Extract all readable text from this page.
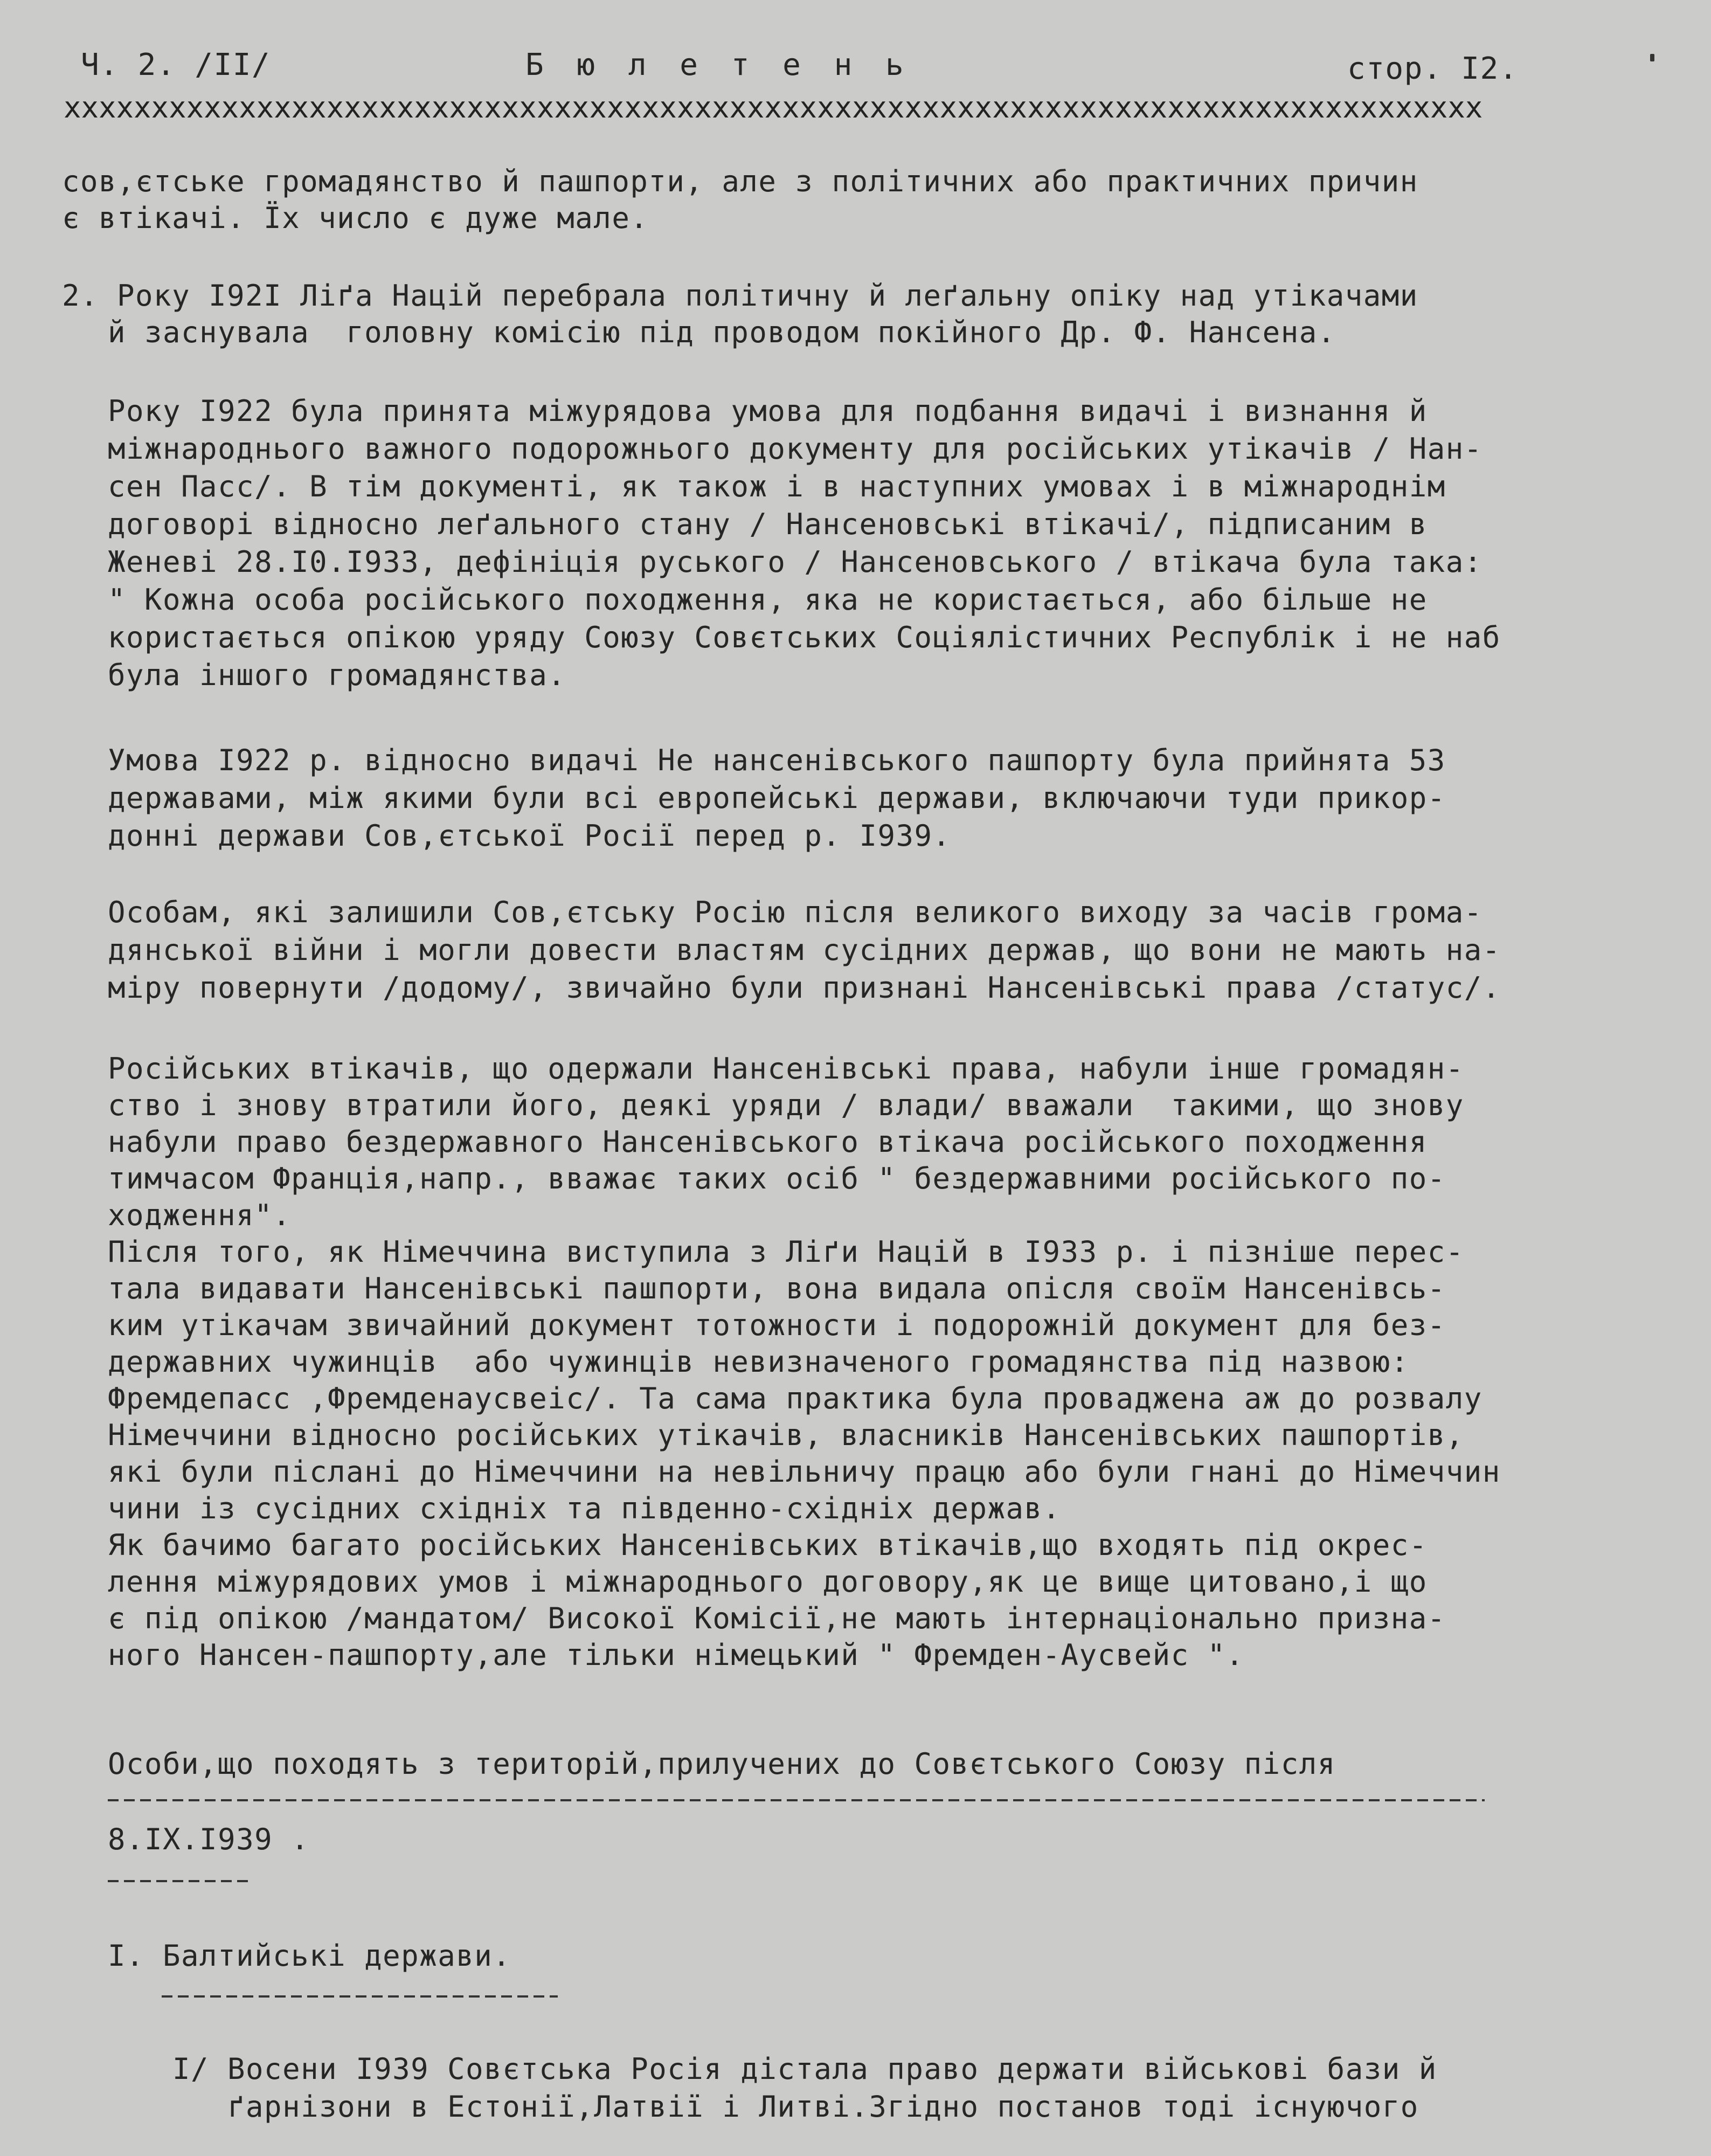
Ч. 2. /II/	Б ю л е т е н ь	стор. I2.
xxxxxxxxxxxxxxxxxxxxxxxxxxxxxxxxxxxxxxxxxxxxxxxxxxxxxxxxxxxxxxxxxxxxxxxxxxxxxxxxx
сов,єтське громадянство й пашпорти, але з політичних або практичних причин
є втікачі. Їх число є дуже мале.
2. Року I92I Ліґа Націй перебрала політичну й леґальну опіку над утікачами
й заснувала  головну комісію під проводом покійного Др. Ф. Нансена.
Року I922 була принята міжурядова умова для подбання видачі і визнання й
міжнароднього важного подорожнього документу для російських утікачів / Нан-
сен Пасс/. В тім документі, як також і в наступних умовах і в міжнароднім
договорі відносно леґального стану / Нансеновські втікачі/, підписаним в
Женеві 28.I0.I933, дефініція руського / Нансеновського / втікача була така:
" Кожна особа російського походження, яка не користається, або більше не
користається опікою уряду Союзу Совєтських Соціялістичних Республік і не наб
була іншого громадянства.
Умова I922 р. відносно видачі Не нансенівського пашпорту була прийнята 53
державами, між якими були всі европейські держави, включаючи туди прикор-
донні держави Сов,єтської Росії перед р. I939.
Особам, які залишили Сов,єтську Росію після великого виходу за часів грома-
дянської війни і могли довести властям сусідних держав, що вони не мають на-
міру повернути /додому/, звичайно були признані Нансенівські права /статус/.
Російських втікачів, що одержали Нансенівські права, набули інше громадян-
ство і знову втратили його, деякі уряди / влади/ вважали  такими, що знову
набули право бездержавного Нансенівського втікача російського походження
тимчасом Франція,напр., вважає таких осіб " бездержавними російського по-
ходження".
Після того, як Німеччина виступила з Ліґи Націй в I933 р. і пізніше перес-
тала видавати Нансенівські пашпорти, вона видала опісля своїм Нансенівсь-
ким утікачам звичайний документ тотожности і подорожній документ для без-
державних чужинців  або чужинців невизначеного громадянства під назвою:
Фремдепасс ,Фремденаусвеіс/. Та сама практика була проваджена аж до розвалу
Німеччини відносно російських утікачів, власників Нансенівських пашпортів,
які були післані до Німеччини на невільничу працю або були гнані до Німеччин
чини із сусідних східніх та південно-східніх держав.
Як бачимо багато російських Нансенівських втікачів,що входять під окрес-
лення міжурядових умов і міжнароднього договору,як це вище цитовано,і що
є під опікою /мандатом/ Високої Комісії,не мають інтернаціонально призна-
ного Нансен-пашпорту,але тільки німецький " Фремден-Аусвейс ".
Особи,що походять з територій,прилучених до Совєтського Союзу після
8.IX.I939 .
I. Балтийські держави.
I/ Восени I939 Совєтська Росія дістала право держати військові бази й
ґарнізони в Естонії,Латвії і Литві.Згідно постанов тоді існуючого
